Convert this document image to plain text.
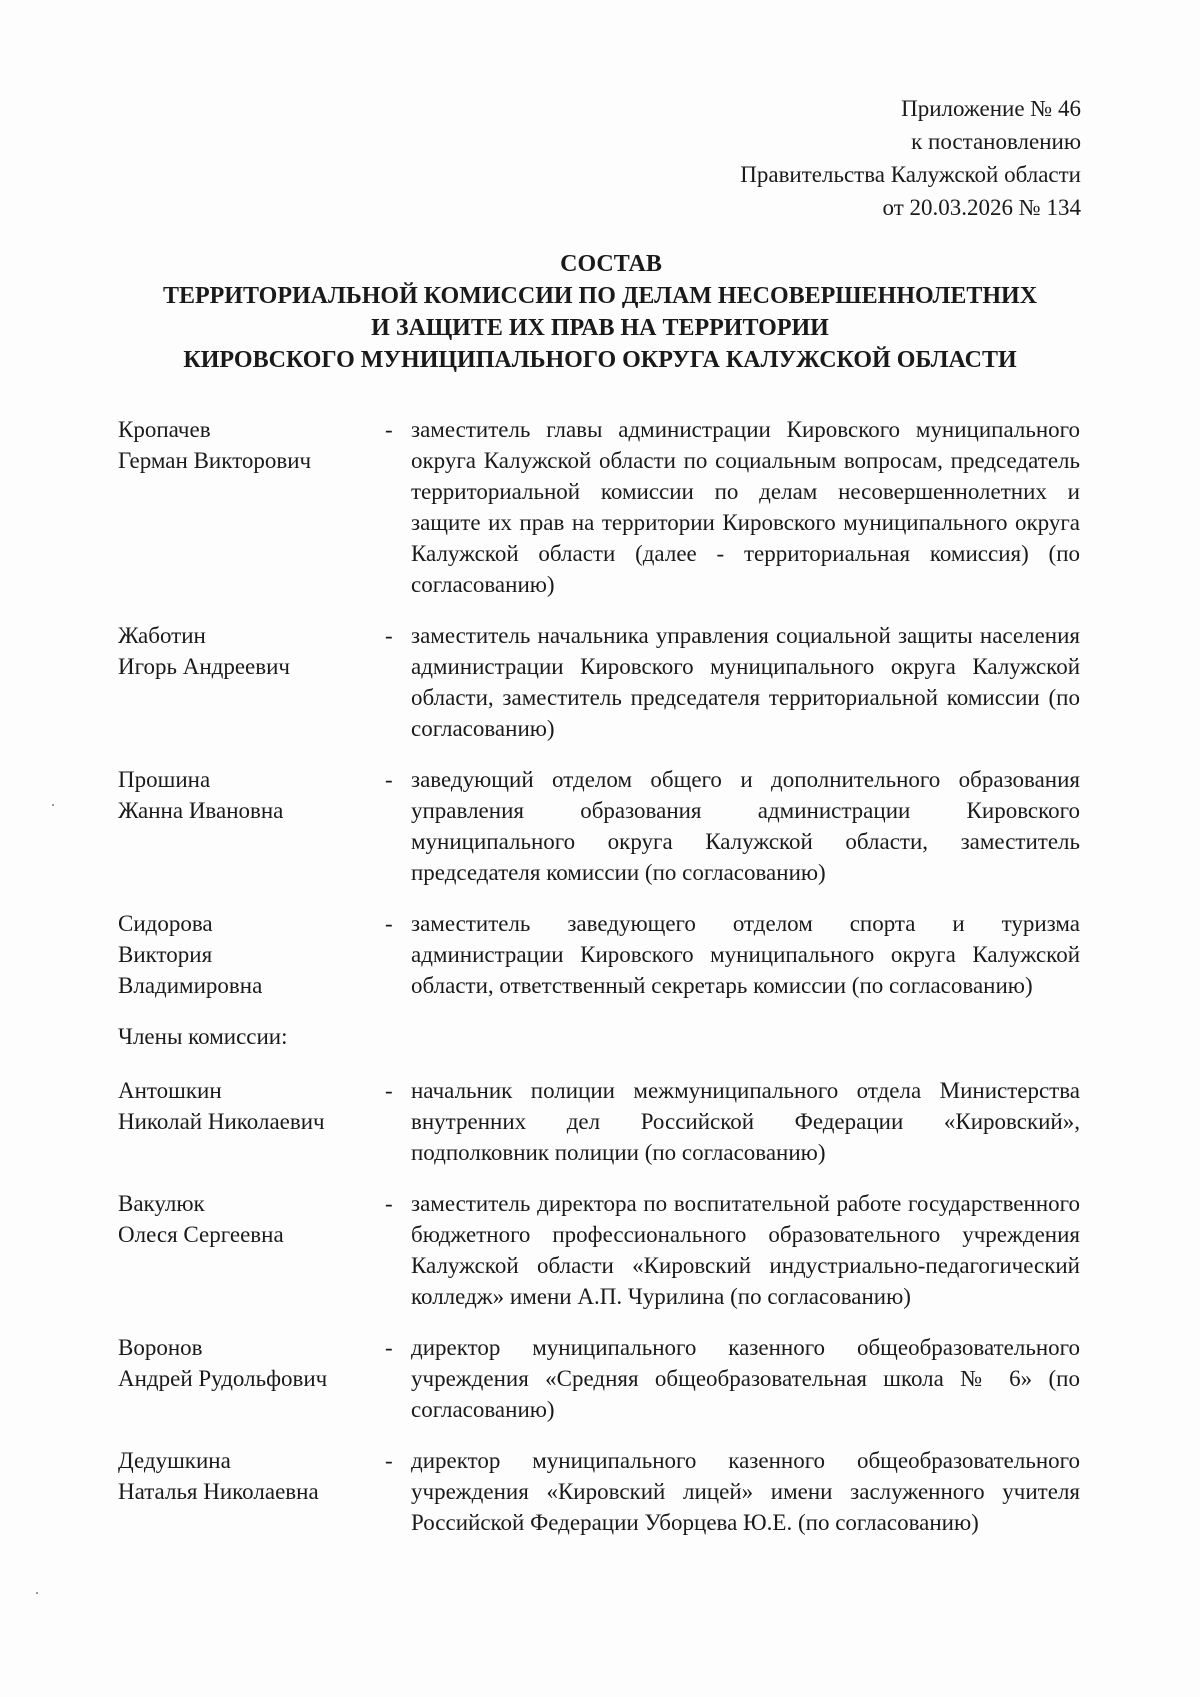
Приложение № 46
к постановлению
Правительства Калужской области
от 20.03.2026 № 134
СОСТАВ
ТЕРРИТОРИАЛЬНОЙ КОМИССИИ ПО ДЕЛАМ НЕСОВЕРШЕННОЛЕТНИХ
И ЗАЩИТЕ ИХ ПРАВ НА ТЕРРИТОРИИ
КИРОВСКОГО МУНИЦИПАЛЬНОГО ОКРУГА КАЛУЖСКОЙ ОБЛАСТИ
Кропачев
Герман Викторович
- заместитель главы администрации Кировского муниципального округа Калужской области по социальным вопросам, председатель территориальной комиссии по делам несовершеннолетних и защите их прав на территории Кировского муниципального округа Калужской области (далее - территориальная комиссия) (по согласованию)
Жаботин
Игорь Андреевич
- заместитель начальника управления социальной защиты населения администрации Кировского муниципального округа Калужской области, заместитель председателя территориальной комиссии (по согласованию)
Прошина
Жанна Ивановна
- заведующий отделом общего и дополнительного образования управления образования администрации Кировского муниципального округа Калужской области, заместитель председателя комиссии (по согласованию)
Сидорова
Виктория
Владимировна
- заместитель заведующего отделом спорта и туризма администрации Кировского муниципального округа Калужской области, ответственный секретарь комиссии (по согласованию)
Члены комиссии:
Антошкин
Николай Николаевич
- начальник полиции межмуниципального отдела Министерства внутренних дел Российской Федерации «Кировский», подполковник полиции (по согласованию)
Вакулюк
Олеся Сергеевна
- заместитель директора по воспитательной работе государственного бюджетного профессионального образовательного учреждения Калужской области «Кировский индустриально-педагогический колледж» имени А.П. Чурилина (по согласованию)
Воронов
Андрей Рудольфович
- директор муниципального казенного общеобразовательного учреждения «Средняя общеобразовательная школа № 6» (по согласованию)
Дедушкина
Наталья Николаевна
- директор муниципального казенного общеобразовательного учреждения «Кировский лицей» имени заслуженного учителя Российской Федерации Уборцева Ю.Е. (по согласованию)
